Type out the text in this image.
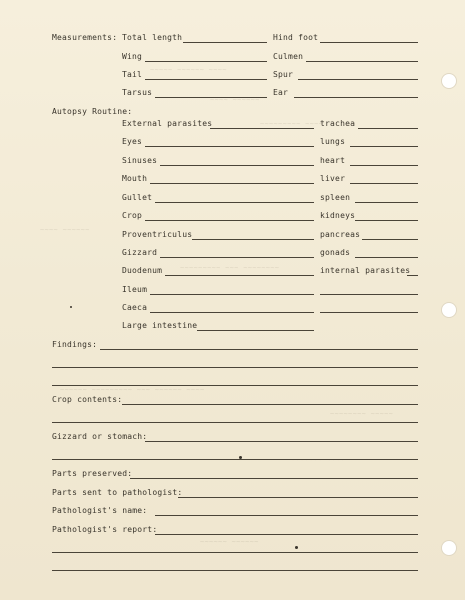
~~~~~ ~~~~~~ ~~~~
~~~~ ~~~~~~
~~~~~~~~~ ~~~~
~~~~ ~~~~~~
~~~~~~~~~ ~~~ ~~~~~~~~
~~~~~~ ~~~~~~~~~ ~~~ ~~~~~~ ~~~~
~~~~~~~~ ~~~~~
~~~~~~~ ~~~~
~~~~~~ ~~~~~~
Measurements: Total length
Wing
Tail
Tarsus
Hind foot
Culmen
Spur
Ear
Autopsy Routine:
External parasites
Eyes
Sinuses
Mouth
Gullet
Crop
Proventriculus
Gizzard
Duodenum
Ileum
Caeca
Large intestine
trachea
lungs
heart
liver
spleen
kidneys
pancreas
gonads
internal parasites
Findings:
Crop contents:
Gizzard or stomach:
Parts preserved:
Parts sent to pathologist:
Pathologist's name:
Pathologist's report:
